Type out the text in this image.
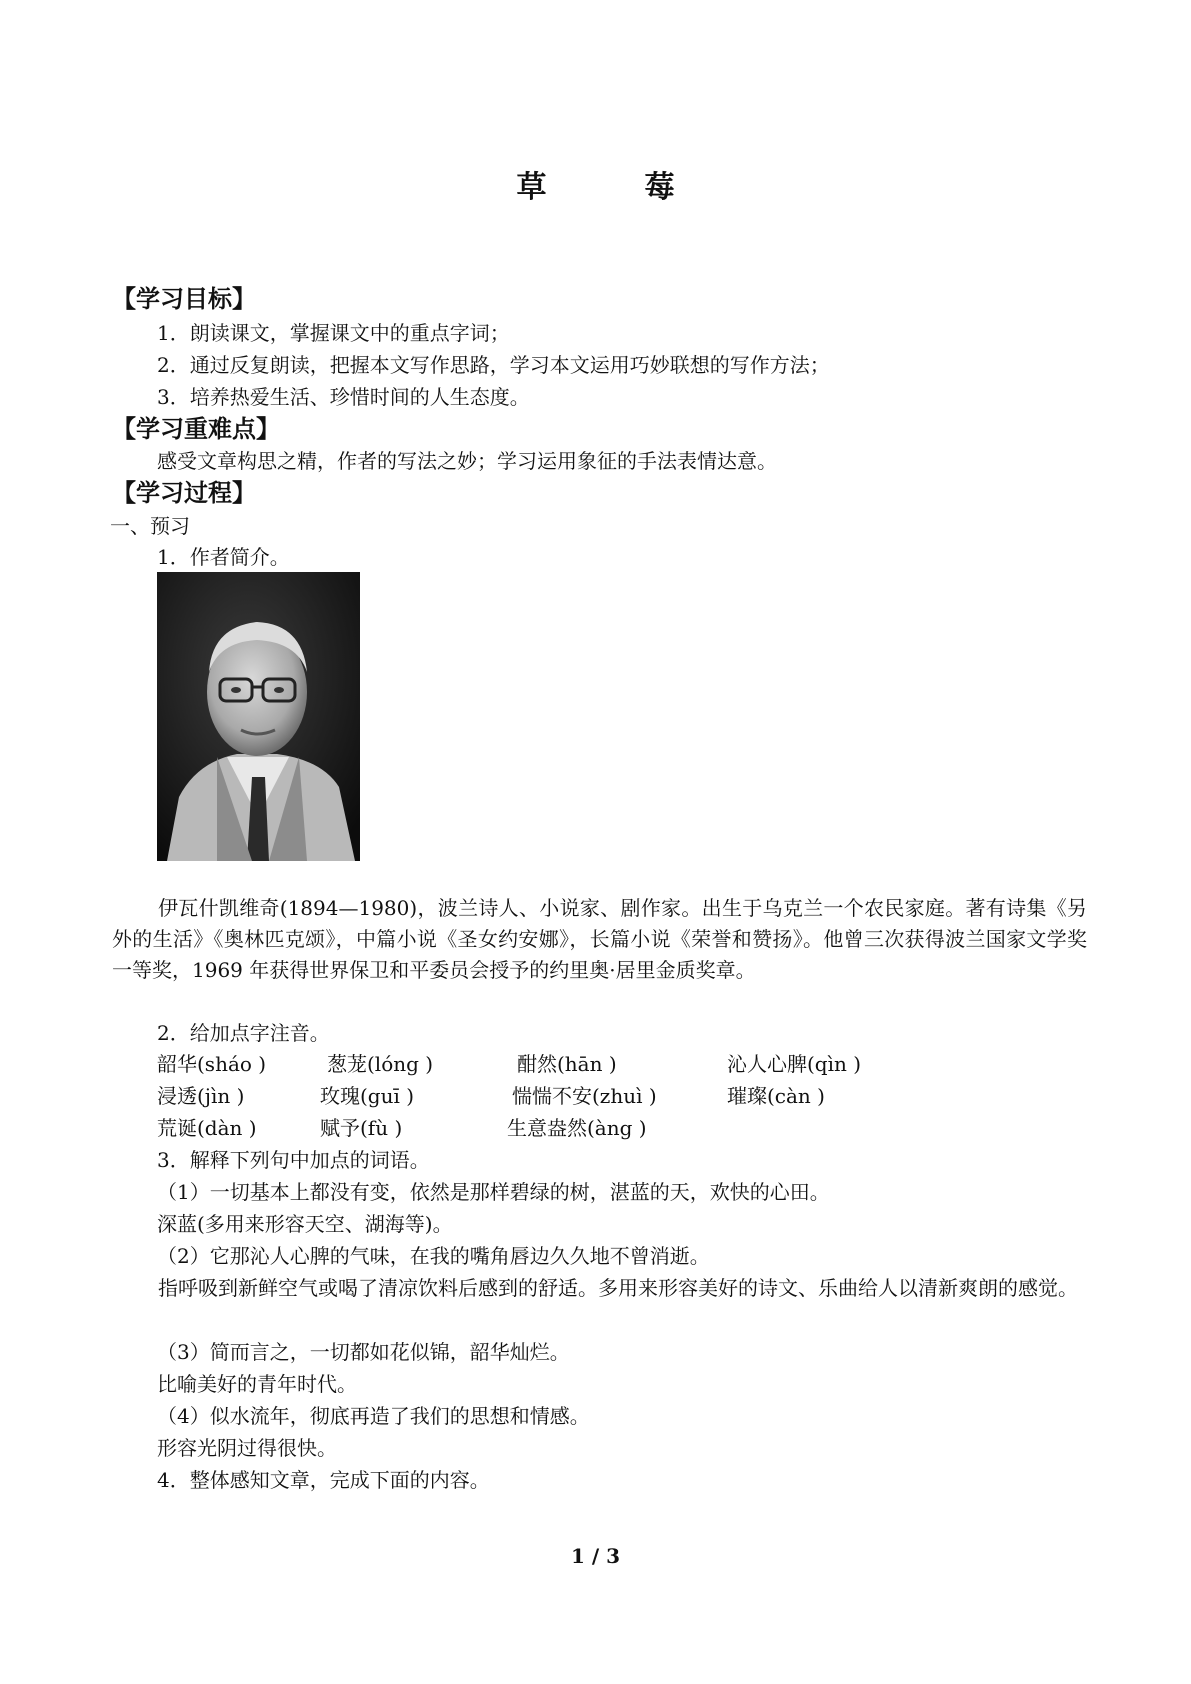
草　莓
【学习目标】
1．朗读课文，掌握课文中的重点字词；
2．通过反复朗读，把握本文写作思路，学习本文运用巧妙联想的写作方法；
3．培养热爱生活、珍惜时间的人生态度。
【学习重难点】
感受文章构思之精，作者的写法之妙；学习运用象征的手法表情达意。
【学习过程】
一、预习
1．作者简介。
伊瓦什凯维奇(1894—1980)，波兰诗人、小说家、剧作家。出生于乌克兰一个农民家庭。著有诗集《另外的生活》《奥林匹克颂》，中篇小说《圣女约安娜》，长篇小说《荣誉和赞扬》。他曾三次获得波兰国家文学奖一等奖，1969 年获得世界保卫和平委员会授予的约里奥·居里金质奖章。
2．给加点字注音。
韶华(sháo )	葱茏(lóng )	酣然(hān )	沁人心脾(qìn )
浸透(jìn )	玫瑰(guī )	惴惴不安(zhuì )	璀璨(càn )
荒诞(dàn )	赋予(fù )	生意盎然(àng )
3．解释下列句中加点的词语。
（1）一切基本上都没有变，依然是那样碧绿的树，湛蓝的天，欢快的心田。
深蓝(多用来形容天空、湖海等)。
（2）它那沁人心脾的气味，在我的嘴角唇边久久地不曾消逝。
指呼吸到新鲜空气或喝了清凉饮料后感到的舒适。多用来形容美好的诗文、乐曲给人以清新爽朗的感觉。
（3）简而言之，一切都如花似锦，韶华灿烂。
比喻美好的青年时代。
（4）似水流年，彻底再造了我们的思想和情感。
形容光阴过得很快。
4．整体感知文章，完成下面的内容。
1 / 3
